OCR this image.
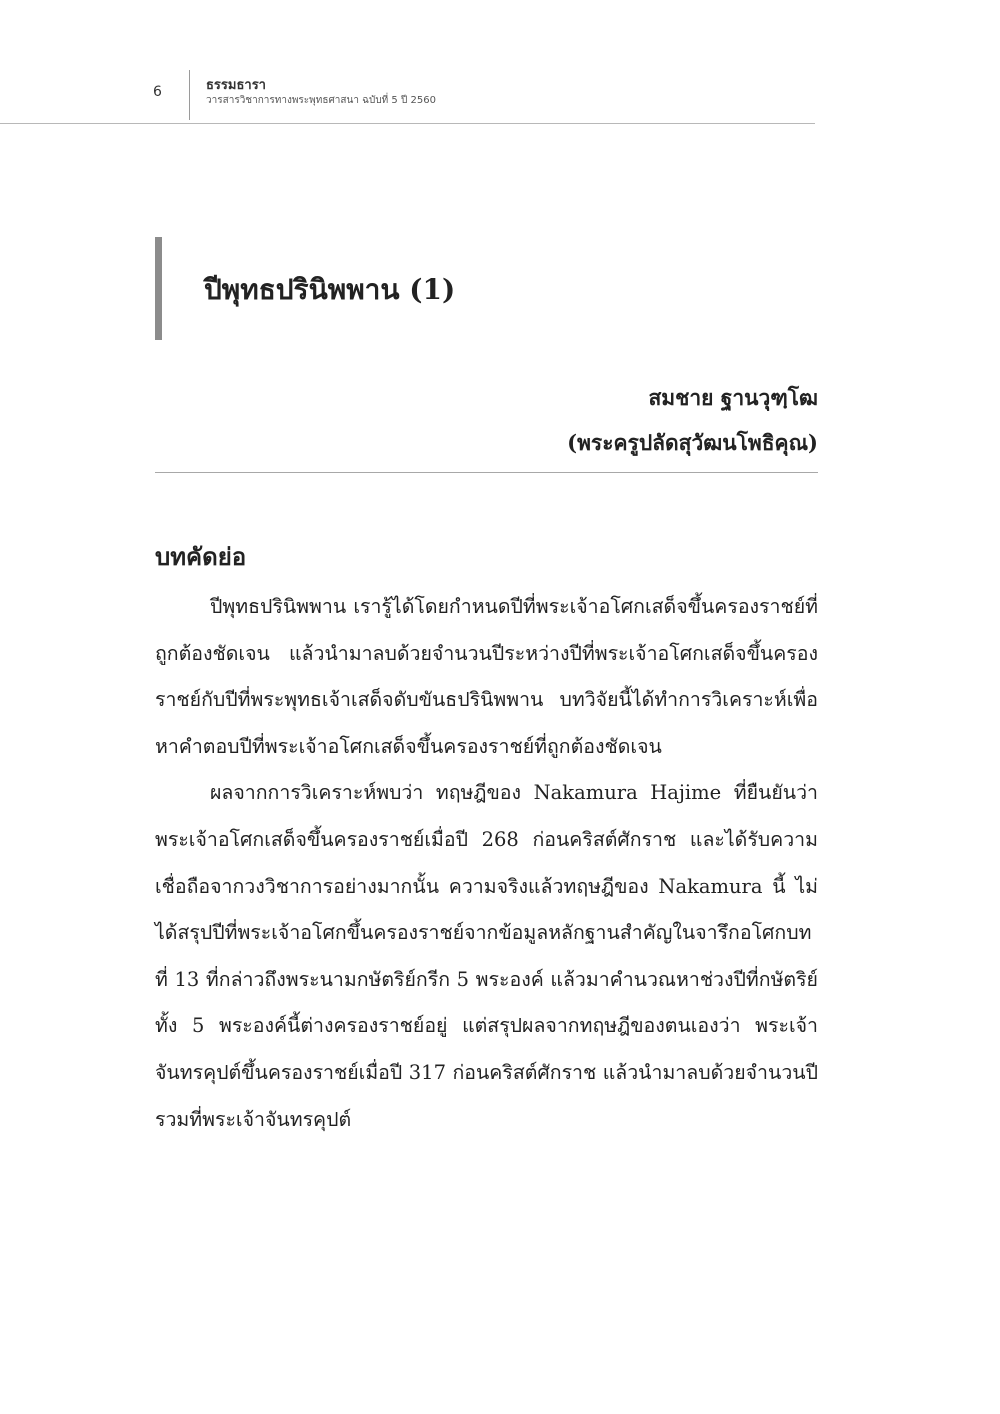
6	ธรรมธารา
วารสารวิชาการทางพระพุทธศาสนา ฉบับที่ 5 ปี 2560
ปีพุทธปรินิพพาน (1)
สมชาย ฐานวุฑฺโฒ
(พระครูปลัดสุวัฒนโพธิคุณ)
บทคัดย่อ

ปีพุทธปรินิพพาน เรารู้ได้โดยกำหนดปีที่พระเจ้าอโศกเสด็จขึ้นครองราชย์ที่ถูกต้องชัดเจน แล้วนำมาลบด้วยจำนวนปีระหว่างปีที่พระเจ้าอโศกเสด็จขึ้นครองราชย์กับปีที่พระพุทธเจ้าเสด็จดับขันธปรินิพพาน บทวิจัยนี้ได้ทำการวิเคราะห์เพื่อหาคำตอบปีที่พระเจ้าอโศกเสด็จขึ้นครองราชย์ที่ถูกต้องชัดเจน

ผลจากการวิเคราะห์พบว่า ทฤษฎีของ Nakamura Hajime ที่ยืนยันว่าพระเจ้าอโศกเสด็จขึ้นครองราชย์เมื่อปี 268 ก่อนคริสต์ศักราช และได้รับความเชื่อถือจากวงวิชาการอย่างมากนั้น ความจริงแล้วทฤษฎีของ Nakamura นี้ ไม่ได้สรุปปีที่พระเจ้าอโศกขึ้นครองราชย์จากข้อมูลหลักฐานสำคัญในจารึกอโศกบทที่ 13 ที่กล่าวถึงพระนามกษัตริย์กรีก 5 พระองค์ แล้วมาคำนวณหาช่วงปีที่กษัตริย์ทั้ง 5 พระองค์นี้ต่างครองราชย์อยู่ แต่สรุปผลจากทฤษฎีของตนเองว่า พระเจ้าจันทรคุปต์ขึ้นครองราชย์เมื่อปี 317 ก่อนคริสต์ศักราช แล้วนำมาลบด้วยจำนวนปีรวมที่พระเจ้าจันทรคุปต์
